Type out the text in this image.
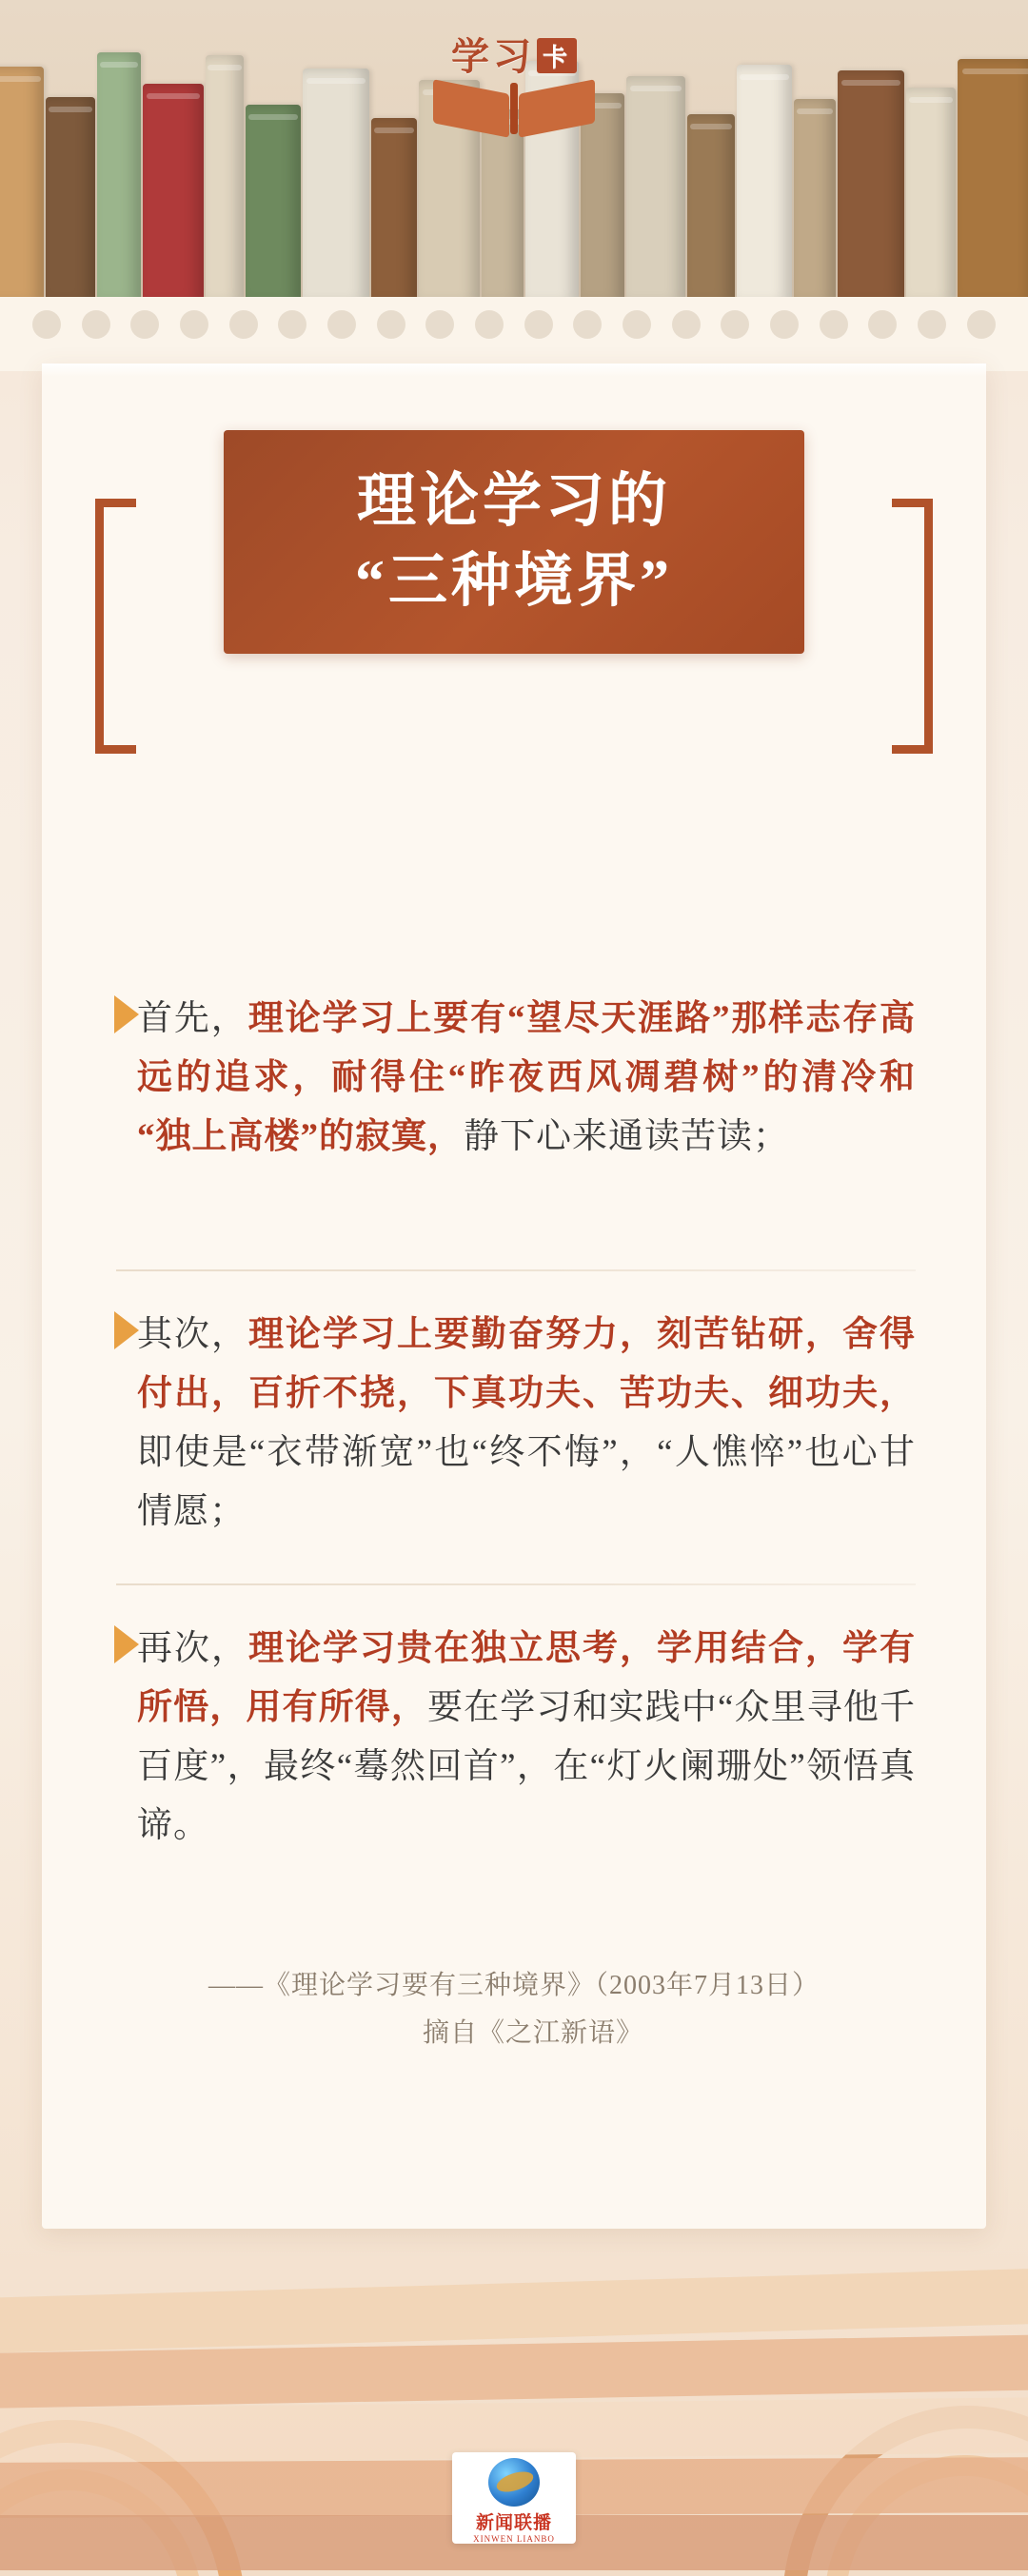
学习 卡
理论学习的
“三种境界”
首先，理论学习上要有“望尽天涯路”那样志存高远的追求，耐得住“昨夜西风凋碧树”的清冷和“独上高楼”的寂寞，静下心来通读苦读；
其次，理论学习上要勤奋努力，刻苦钻研，舍得付出，百折不挠，下真功夫、苦功夫、细功夫，即使是“衣带渐宽”也“终不悔”，“人憔悴”也心甘情愿；
再次，理论学习贵在独立思考，学用结合，学有所悟，用有所得，要在学习和实践中“众里寻他千百度”，最终“蓦然回首”，在“灯火阑珊处”领悟真谛。
——《理论学习要有三种境界》（2003年7月13日）
摘自《之江新语》
新闻联播
XINWEN LIANBO
